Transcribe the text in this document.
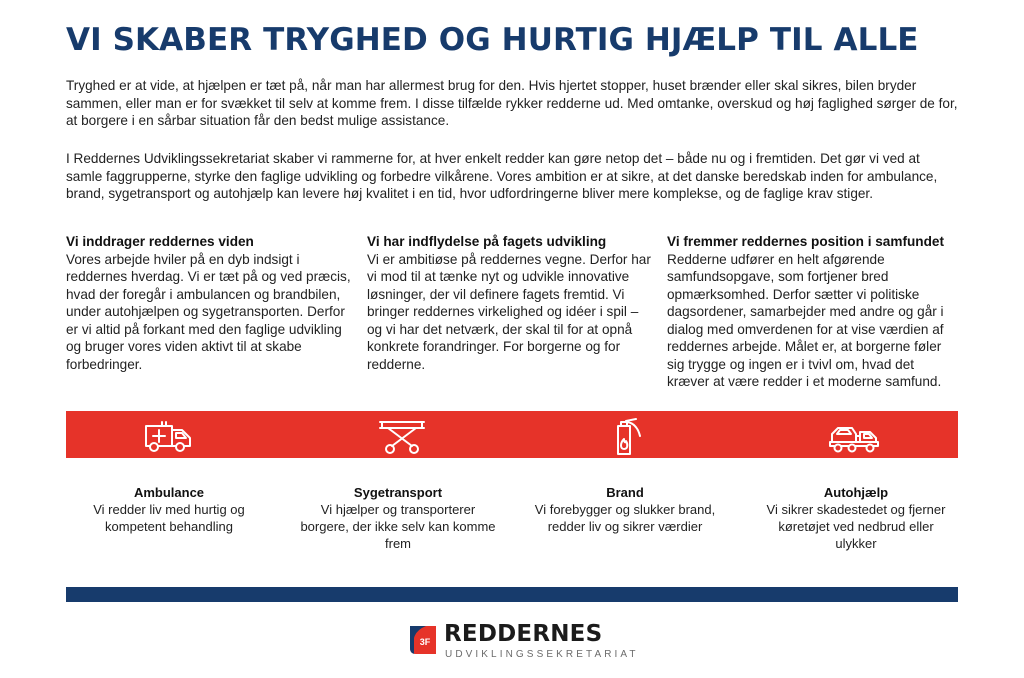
VI SKABER TRYGHED OG HURTIG HJÆLP TIL ALLE

Tryghed er at vide, at hjælpen er tæt på, når man har allermest brug for den. Hvis hjertet stopper, huset brænder eller skal sikres, bilen bryder sammen, eller man er for svækket til selv at komme frem. I disse tilfælde rykker redderne ud. Med omtanke, overskud og høj faglighed sørger de for, at borgere i en sårbar situation får den bedst mulige assistance.

I Reddernes Udviklingssekretariat skaber vi rammerne for, at hver enkelt redder kan gøre netop det – både nu og i fremtiden. Det gør vi ved at samle faggrupperne, styrke den faglige udvikling og forbedre vilkårene. Vores ambition er at sikre, at det danske beredskab inden for ambulance, brand, sygetransport og autohjælp kan levere høj kvalitet i en tid, hvor udfordringerne bliver mere komplekse, og de faglige krav stiger.

Vi inddrager reddernes viden

Vores arbejde hviler på en dyb indsigt i reddernes hverdag. Vi er tæt på og ved præcis, hvad der foregår i ambulancen og brandbilen, under autohjælpen og sygetransporten. Derfor er vi altid på forkant med den faglige udvikling og bruger vores viden aktivt til at skabe forbedringer.

Vi har indflydelse på fagets udvikling

Vi er ambitiøse på reddernes vegne. Derfor har vi mod til at tænke nyt og udvikle innovative løsninger, der vil definere fagets fremtid. Vi bringer reddernes virkelighed og idéer i spil – og vi har det netværk, der skal til for at opnå konkrete forandringer. For borgerne og for redderne.

Vi fremmer reddernes position i samfundet

Redderne udfører en helt afgørende samfundsopgave, som fortjener bred opmærksomhed. Derfor sætter vi politiske dagsordener, samarbejder med andre og går i dialog med omverdenen for at vise værdien af reddernes arbejde. Målet er, at borgerne føler sig trygge og ingen er i tvivl om, hvad det kræver at være redder i et moderne samfund.

Ambulance
Vi redder liv med hurtig og kompetent behandling
Sygetransport
Vi hjælper og transporterer borgere, der ikke selv kan komme frem
Brand
Vi forebygger og slukker brand, redder liv og sikrer værdier
Autohjælp
Vi sikrer skadestedet og fjerner køretøjet ved nedbrud eller ulykker
3F REDDERNES
UDVIKLINGSSEKRETARIAT
